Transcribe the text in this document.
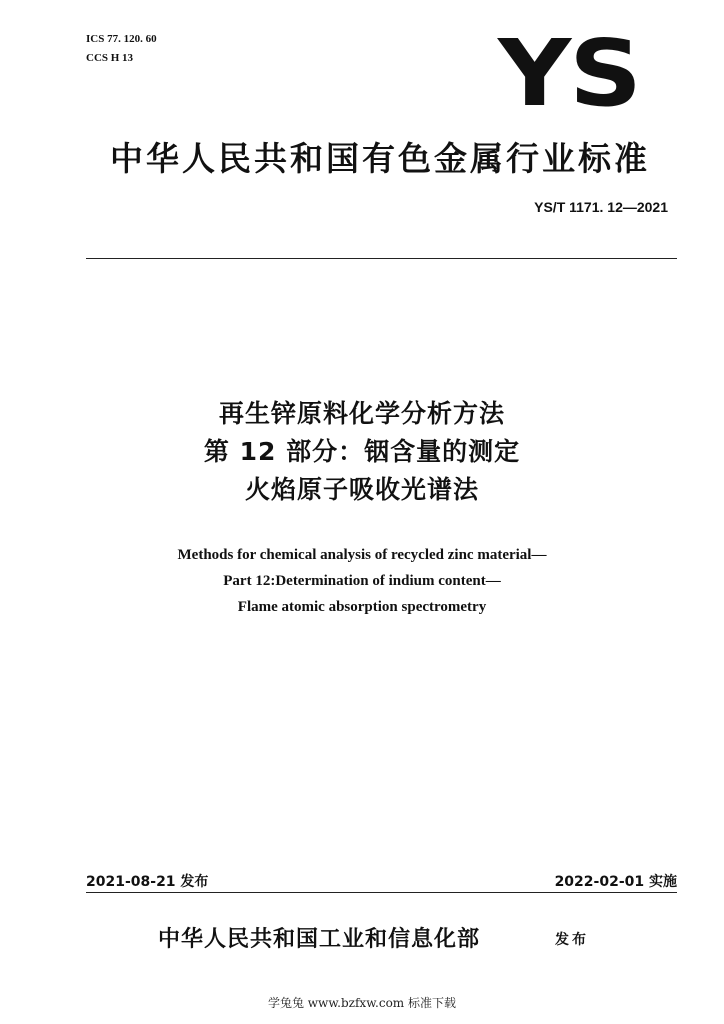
ICS 77. 120. 60
CCS H 13	YS
中华人民共和国有色金属行业标准
YS/T 1171. 12—2021
再生锌原料化学分析方法
第 12 部分：铟含量的测定
火焰原子吸收光谱法
Methods for chemical analysis of recycled zinc material—
Part 12:Determination of indium content—
Flame atomic absorption spectrometry
2021-08-21 发布	2022-02-01 实施
中华人民共和国工业和信息化部	发布
学兔兔 www.bzfxw.com 标准下载
